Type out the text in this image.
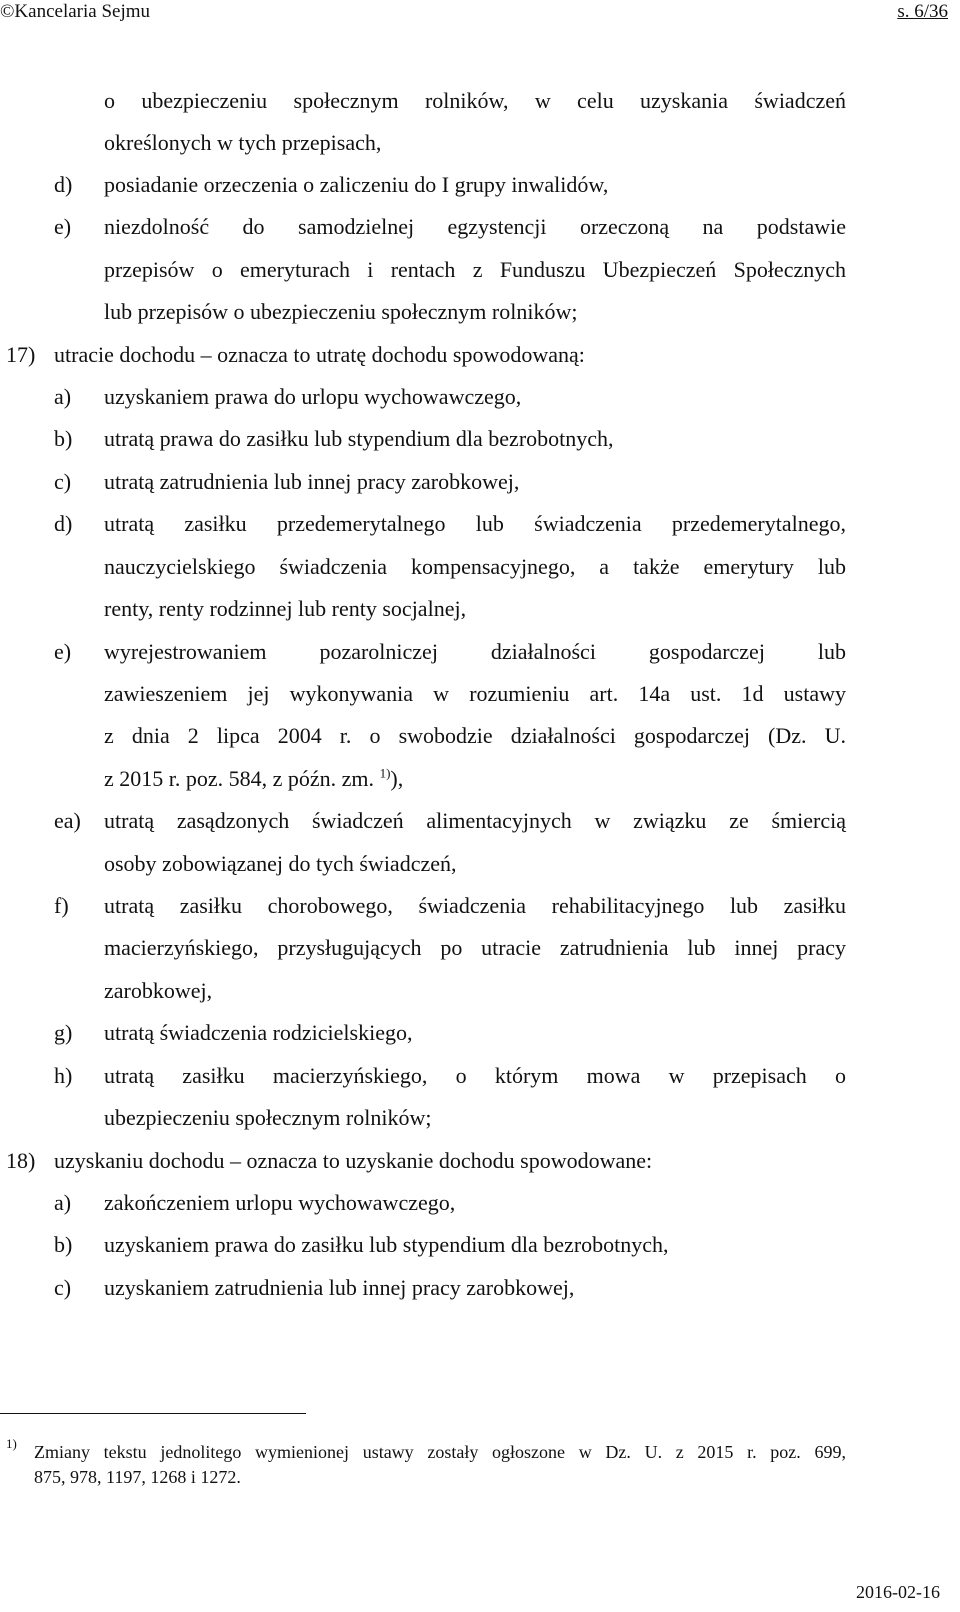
©Kancelaria Sejmu	s. 6/36
o ubezpieczeniu społecznym rolników, w celu uzyskania świadczeń
określonych w tych przepisach,
d) posiadanie orzeczenia o zaliczeniu do I grupy inwalidów,
e) niezdolność do samodzielnej egzystencji orzeczoną na podstawie
przepisów o emeryturach i rentach z Funduszu Ubezpieczeń Społecznych
lub przepisów o ubezpieczeniu społecznym rolników;
17) utracie dochodu – oznacza to utratę dochodu spowodowaną:
a) uzyskaniem prawa do urlopu wychowawczego,
b) utratą prawa do zasiłku lub stypendium dla bezrobotnych,
c) utratą zatrudnienia lub innej pracy zarobkowej,
d) utratą zasiłku przedemerytalnego lub świadczenia przedemerytalnego,
nauczycielskiego świadczenia kompensacyjnego, a także emerytury lub
renty, renty rodzinnej lub renty socjalnej,
e) wyrejestrowaniem pozarolniczej działalności gospodarczej lub
zawieszeniem jej wykonywania w rozumieniu art. 14a ust. 1d ustawy
z dnia 2 lipca 2004 r. o swobodzie działalności gospodarczej (Dz. U.
z 2015 r. poz. 584, z późn. zm. $^{1)}$),
ea) utratą zasądzonych świadczeń alimentacyjnych w związku ze śmiercią
osoby zobowiązanej do tych świadczeń,
f) utratą zasiłku chorobowego, świadczenia rehabilitacyjnego lub zasiłku
macierzyńskiego, przysługujących po utracie zatrudnienia lub innej pracy
zarobkowej,
g) utratą świadczenia rodzicielskiego,
h) utratą zasiłku macierzyńskiego, o którym mowa w przepisach o
ubezpieczeniu społecznym rolników;
18) uzyskaniu dochodu – oznacza to uzyskanie dochodu spowodowane:
a) zakończeniem urlopu wychowawczego,
b) uzyskaniem prawa do zasiłku lub stypendium dla bezrobotnych,
c) uzyskaniem zatrudnienia lub innej pracy zarobkowej,
1) Zmiany tekstu jednolitego wymienionej ustawy zostały ogłoszone w Dz. U. z 2015 r. poz. 699,
875, 978, 1197, 1268 i 1272.
2016-02-16
